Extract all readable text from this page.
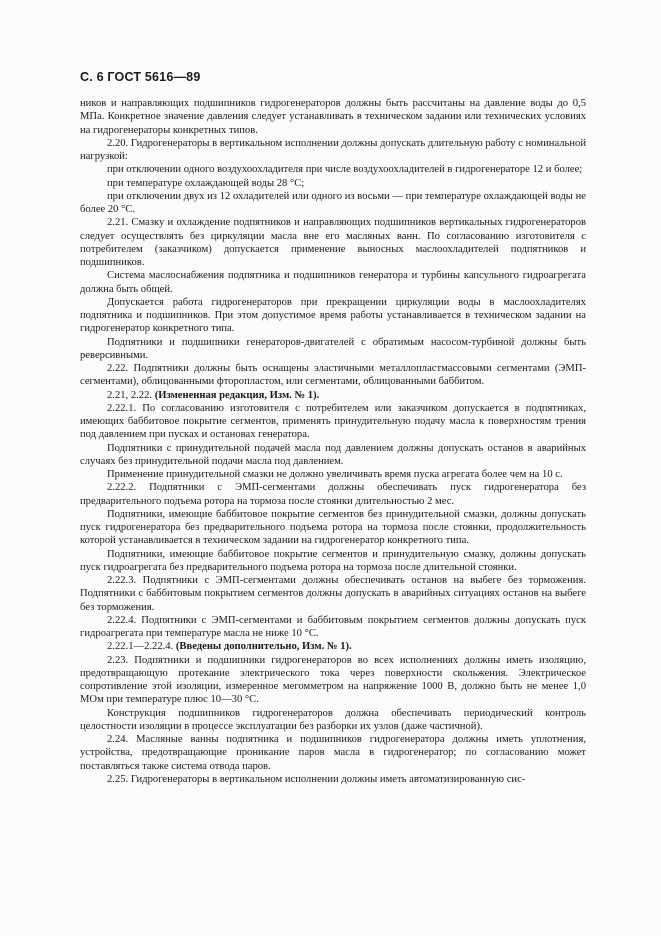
С. 6 ГОСТ 5616—89

ников и направляющих подшипников гидрогенераторов должны быть рассчитаны на давление воды до 0,5 МПа. Конкретное значение давления следует устанавливать в техническом задании или технических условиях на гидрогенераторы конкретных типов.

2.20. Гидрогенераторы в вертикальном исполнении должны допускать длительную работу с номинальной нагрузкой:

при отключении одного воздухоохладителя при числе воздухоохладителей в гидрогенераторе 12 и более;

при температуре охлаждающей воды 28 °С;

при отключении двух из 12 охладителей или одного из восьми — при температуре охлаждающей воды не более 20 °С.

2.21. Смазку и охлаждение подпятников и направляющих подшипников вертикальных гидрогенераторов следует осуществлять без циркуляции масла вне его масляных ванн. По согласованию изготовителя с потребителем (заказчиком) допускается применение выносных маслоохладителей подпятников и подшипников.

Система маслоснабжения подпятника и подшипников генератора и турбины капсульного гидроагрегата должна быть общей.

Допускается работа гидрогенераторов при прекращении циркуляции воды в маслоохладителях подпятника и подшипников. При этом допустимое время работы устанавливается в техническом задании на гидрогенератор конкретного типа.

Подпятники и подшипники генераторов-двигателей с обратимым насосом-турбиной должны быть реверсивными.

2.22. Подпятники должны быть оснащены эластичными металлопластмассовыми сегментами (ЭМП-сегментами), облицованными фторопластом, или сегментами, облицованными баббитом.

2.21, 2.22. (Измененная редакция, Изм. № 1).

2.22.1. По согласованию изготовителя с потребителем или заказчиком допускается в подпятниках, имеющих баббитовое покрытие сегментов, применять принудительную подачу масла к поверхностям трения под давлением при пусках и остановах генератора.

Подпятники с принудительной подачей масла под давлением должны допускать останов в аварийных случаях без принудительной подачи масла под давлением.

Применение принудительной смазки не должно увеличивать время пуска агрегата более чем на 10 с.

2.22.2. Подпятники с ЭМП-сегментами должны обеспечивать пуск гидрогенератора без предварительного подъема ротора на тормоза после стоянки длительностью 2 мес.

Подпятники, имеющие баббитовое покрытие сегментов без принудительной смазки, должны допускать пуск гидрогенератора без предварительного подъема ротора на тормоза после стоянки, продолжительность которой устанавливается в техническом задании на гидрогенератор конкретного типа.

Подпятники, имеющие баббитовое покрытие сегментов и принудительную смазку, должны допускать пуск гидроагрегата без предварительного подъема ротора на тормоза после длительной стоянки.

2.22.3. Подпятники с ЭМП-сегментами должны обеспечивать останов на выбеге без торможения. Подпятники с баббитовым покрытием сегментов должны допускать в аварийных ситуациях останов на выбеге без торможения.

2.22.4. Подпятники с ЭМП-сегментами и баббитовым покрытием сегментов должны допускать пуск гидроагрегата при температуре масла не ниже 10 °С.

2.22.1—2.22.4. (Введены дополнительно, Изм. № 1).

2.23. Подпятники и подшипники гидрогенераторов во всех исполнениях должны иметь изоляцию, предотвращающую протекание электрического тока через поверхности скольжения. Электрическое сопротивление этой изоляции, измеренное мегомметром на напряжение 1000 В, должно быть не менее 1,0 МОм при температуре плюс 10—30 °С.

Конструкция подшипников гидрогенераторов должна обеспечивать периодический контроль целостности изоляции в процессе эксплуатации без разборки их узлов (даже частичной).

2.24. Масляные ванны подпятника и подшипников гидрогенератора должны иметь уплотнения, устройства, предотвращающие проникание паров масла в гидрогенератор; по согласованию может поставляться также система отвода паров.

2.25. Гидрогенераторы в вертикальном исполнении должны иметь автоматизированную сис-
